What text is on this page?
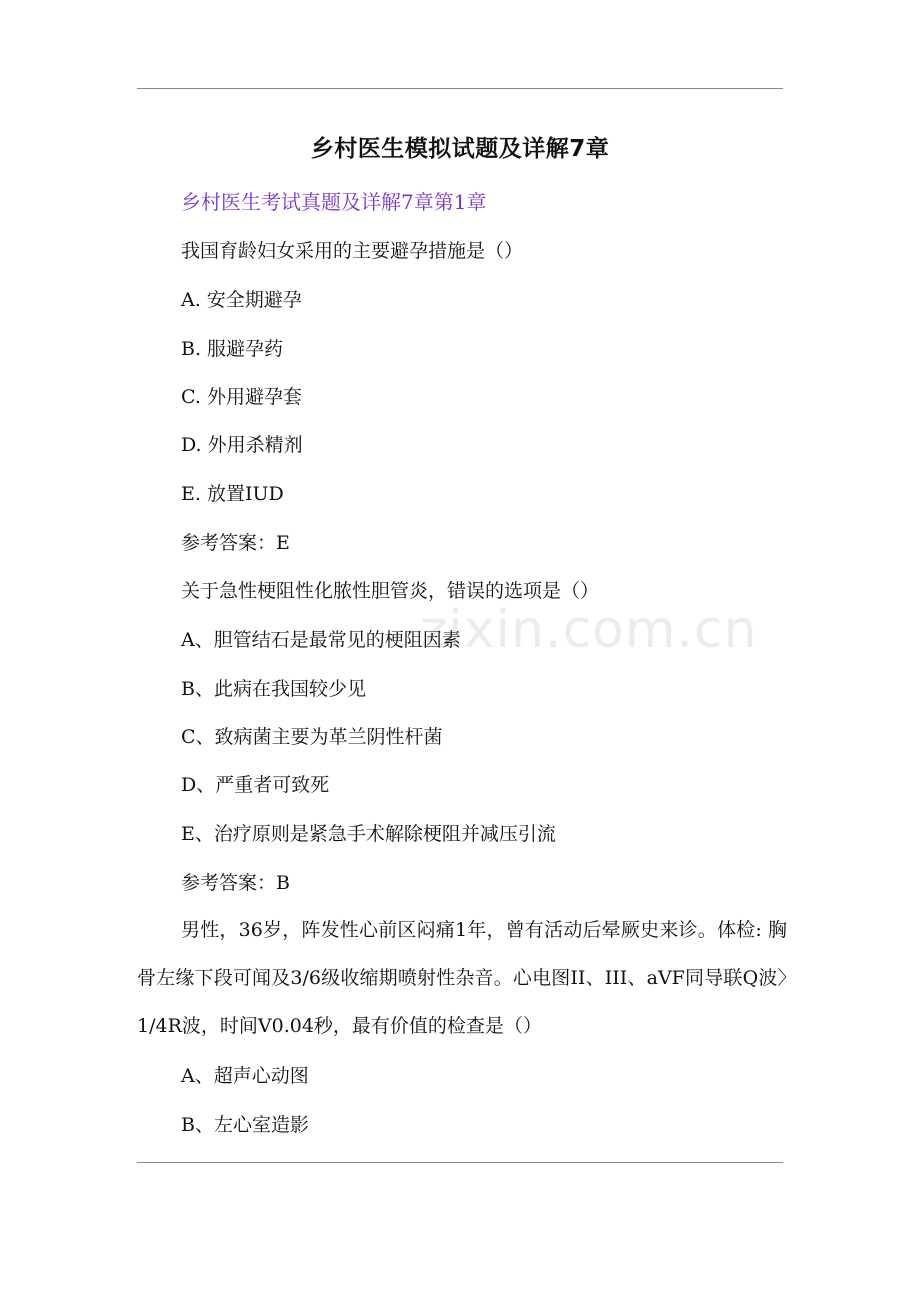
zixin.com.cn
乡村医生模拟试题及详解7章
乡村医生考试真题及详解7章第1章
我国育龄妇女采用的主要避孕措施是（）
A. 安全期避孕
B. 服避孕药
C. 外用避孕套
D. 外用杀精剂
E. 放置IUD
参考答案：E
关于急性梗阻性化脓性胆管炎，错误的选项是（）
A、胆管结石是最常见的梗阻因素
B、此病在我国较少见
C、致病菌主要为革兰阴性杆菌
D、严重者可致死
E、治疗原则是紧急手术解除梗阻并减压引流
参考答案：B
男性，36岁，阵发性心前区闷痛1年，曾有活动后晕厥史来诊。体检: 胸骨左缘下段可闻及3/6级收缩期喷射性杂音。心电图II、III、aVF同导联Q波〉1/4R波，时间V0.04秒，最有价值的检查是（）
A、超声心动图
B、左心室造影
